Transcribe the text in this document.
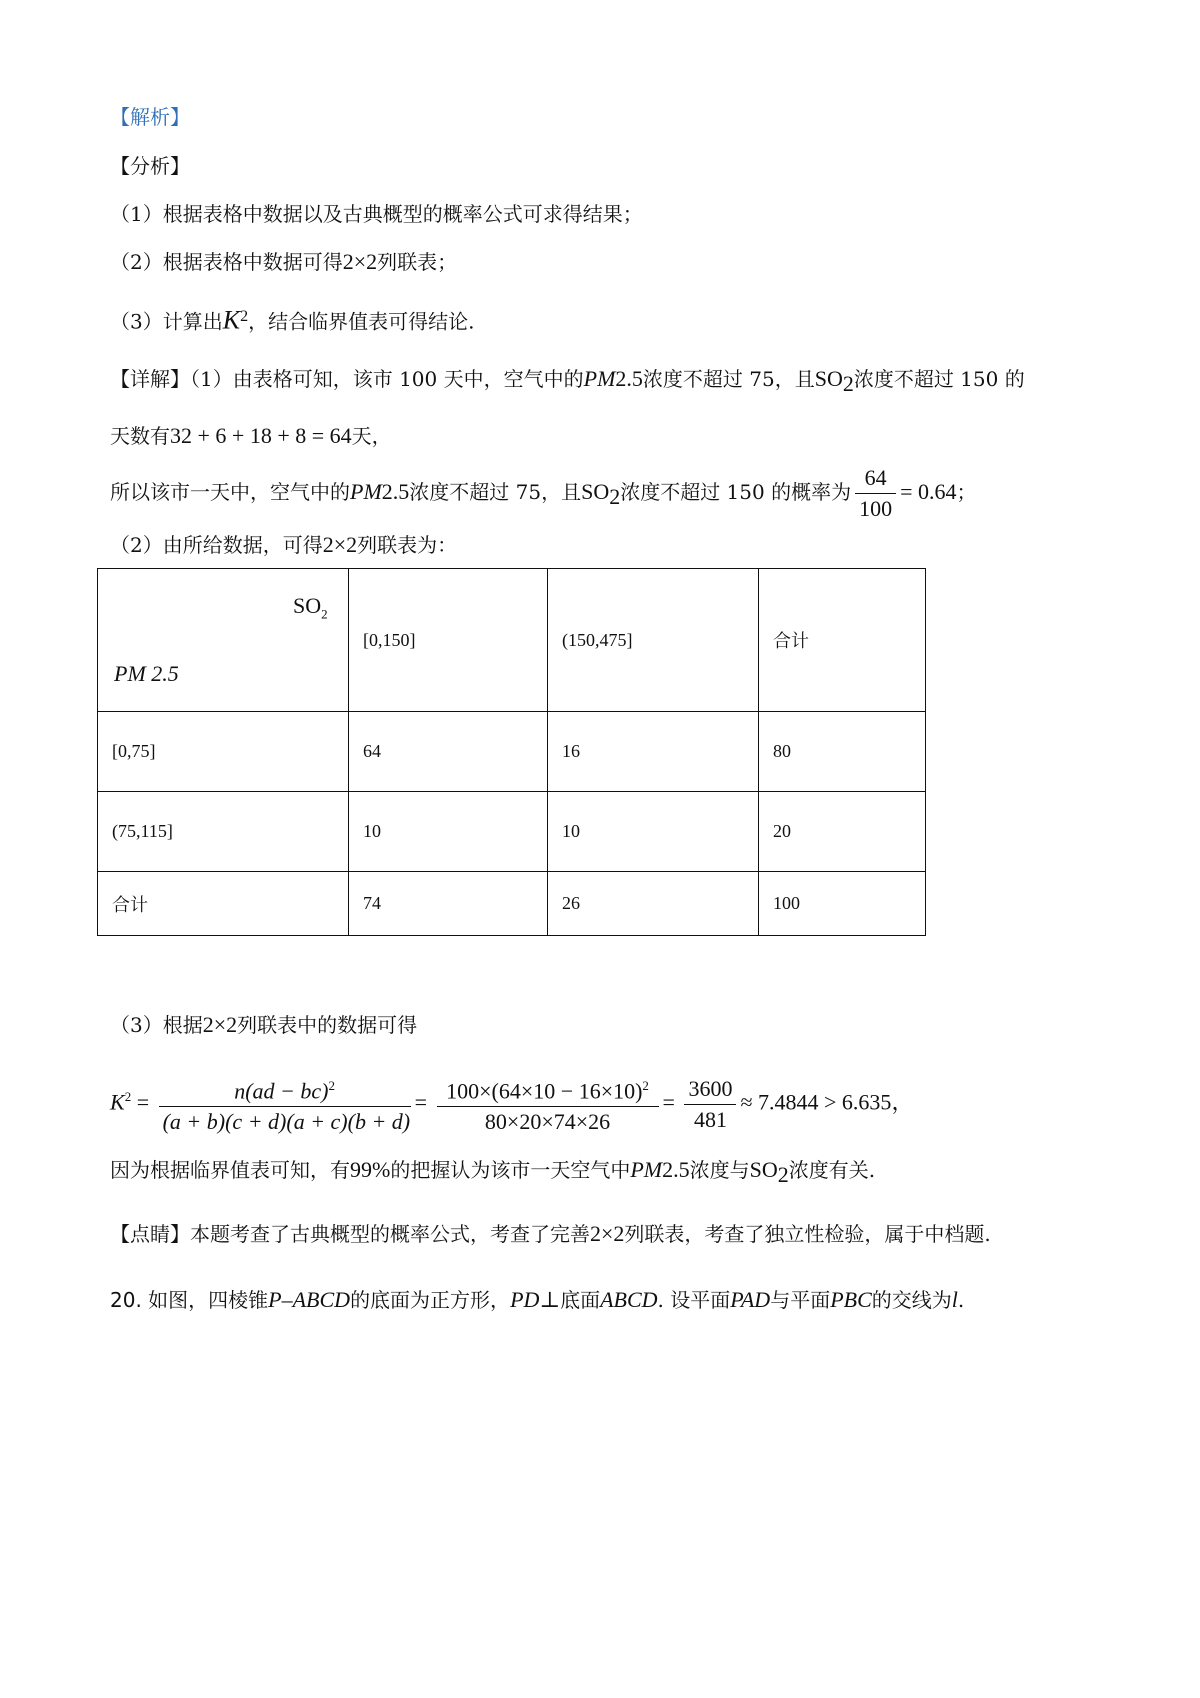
【解析】
【分析】
（1）根据表格中数据以及古典概型的概率公式可求得结果；
（2）根据表格中数据可得2×2列联表；
（3）计算出$K^2$，结合临界值表可得结论.
【详解】（1）由表格可知，该市 100 天中，空气中的PM2.5浓度不超过 75，且$SO_2$浓度不超过 150 的
天数有32 + 6 + 18 + 8 = 64天，
所以该市一天中，空气中的PM2.5浓度不超过 75，且$SO_2$浓度不超过 150 的概率为 $\frac{64}{100} = 0.64$；
（2）由所给数据，可得2×2列联表为：
$SO_2$
PM 2.5	[0,150]	(150,475]	合计
[0,75]	64	16	80
(75,115]	10	10	20
合计	74	26	100
（3）根据2×2列联表中的数据可得
$K^2 = \frac{n(ad - bc)^2}{(a + b)(c + d)(a + c)(b + d)} = \frac{100\times(64\times 10 - 16\times 10)^2}{80\times 20\times 74\times 26} = \frac{3600}{481} \approx 7.4844 > 6.635$，
因为根据临界值表可知，有99%的把握认为该市一天空气中PM2.5浓度与$SO_2$浓度有关.
【点睛】本题考查了古典概型的概率公式，考查了完善2×2列联表，考查了独立性检验，属于中档题.
20. 如图，四棱锥P–ABCD的底面为正方形，PD⊥底面ABCD. 设平面PAD与平面PBC的交线为l.
